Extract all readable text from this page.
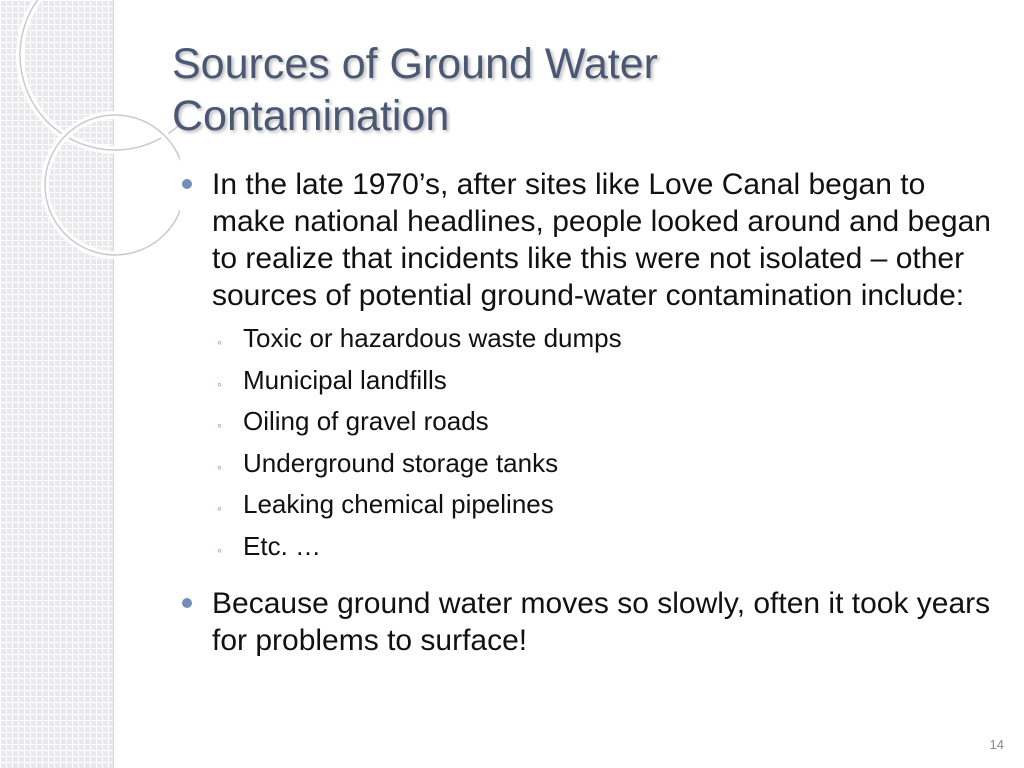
Sources of Ground Water
Contamination
In the late 1970’s, after sites like Love Canal began to make national headlines, people looked around and began to realize that incidents like this were not isolated – other sources of potential ground-water contamination include:
◦ Toxic or hazardous waste dumps
◦ Municipal landfills
◦ Oiling of gravel roads
◦ Underground storage tanks
◦ Leaking chemical pipelines
◦ Etc. …
Because ground water moves so slowly, often it took years for problems to surface!
14
